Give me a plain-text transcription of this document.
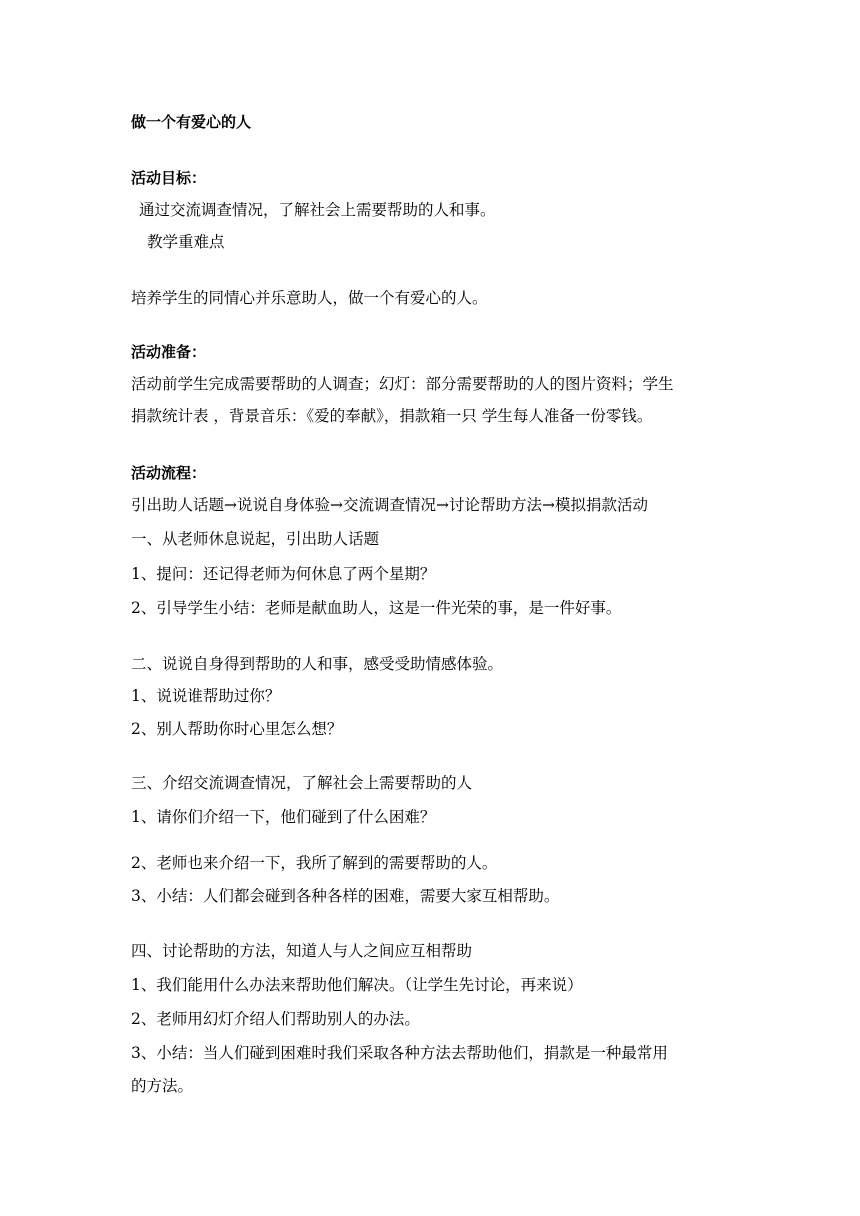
做一个有爱心的人
活动目标：
通过交流调查情况，了解社会上需要帮助的人和事。
教学重难点
培养学生的同情心并乐意助人，做一个有爱心的人。
活动准备：
活动前学生完成需要帮助的人调查；幻灯：部分需要帮助的人的图片资料；学生
捐款统计表 ，背景音乐：《爱的奉献》，捐款箱一只 学生每人准备一份零钱。
活动流程：
引出助人话题→说说自身体验→交流调查情况→讨论帮助方法→模拟捐款活动
一、从老师休息说起，引出助人话题
1、提问：还记得老师为何休息了两个星期？
2、引导学生小结：老师是献血助人，这是一件光荣的事，是一件好事。
二、说说自身得到帮助的人和事，感受受助情感体验。
1、说说谁帮助过你？
2、别人帮助你时心里怎么想？
三、介绍交流调查情况，了解社会上需要帮助的人
1、请你们介绍一下，他们碰到了什么困难？
2、老师也来介绍一下，我所了解到的需要帮助的人。
3、小结：人们都会碰到各种各样的困难，需要大家互相帮助。
四、讨论帮助的方法，知道人与人之间应互相帮助
1、我们能用什么办法来帮助他们解决。（让学生先讨论，再来说）
2、老师用幻灯介绍人们帮助别人的办法。
3、小结：当人们碰到困难时我们采取各种方法去帮助他们，捐款是一种最常用
的方法。
